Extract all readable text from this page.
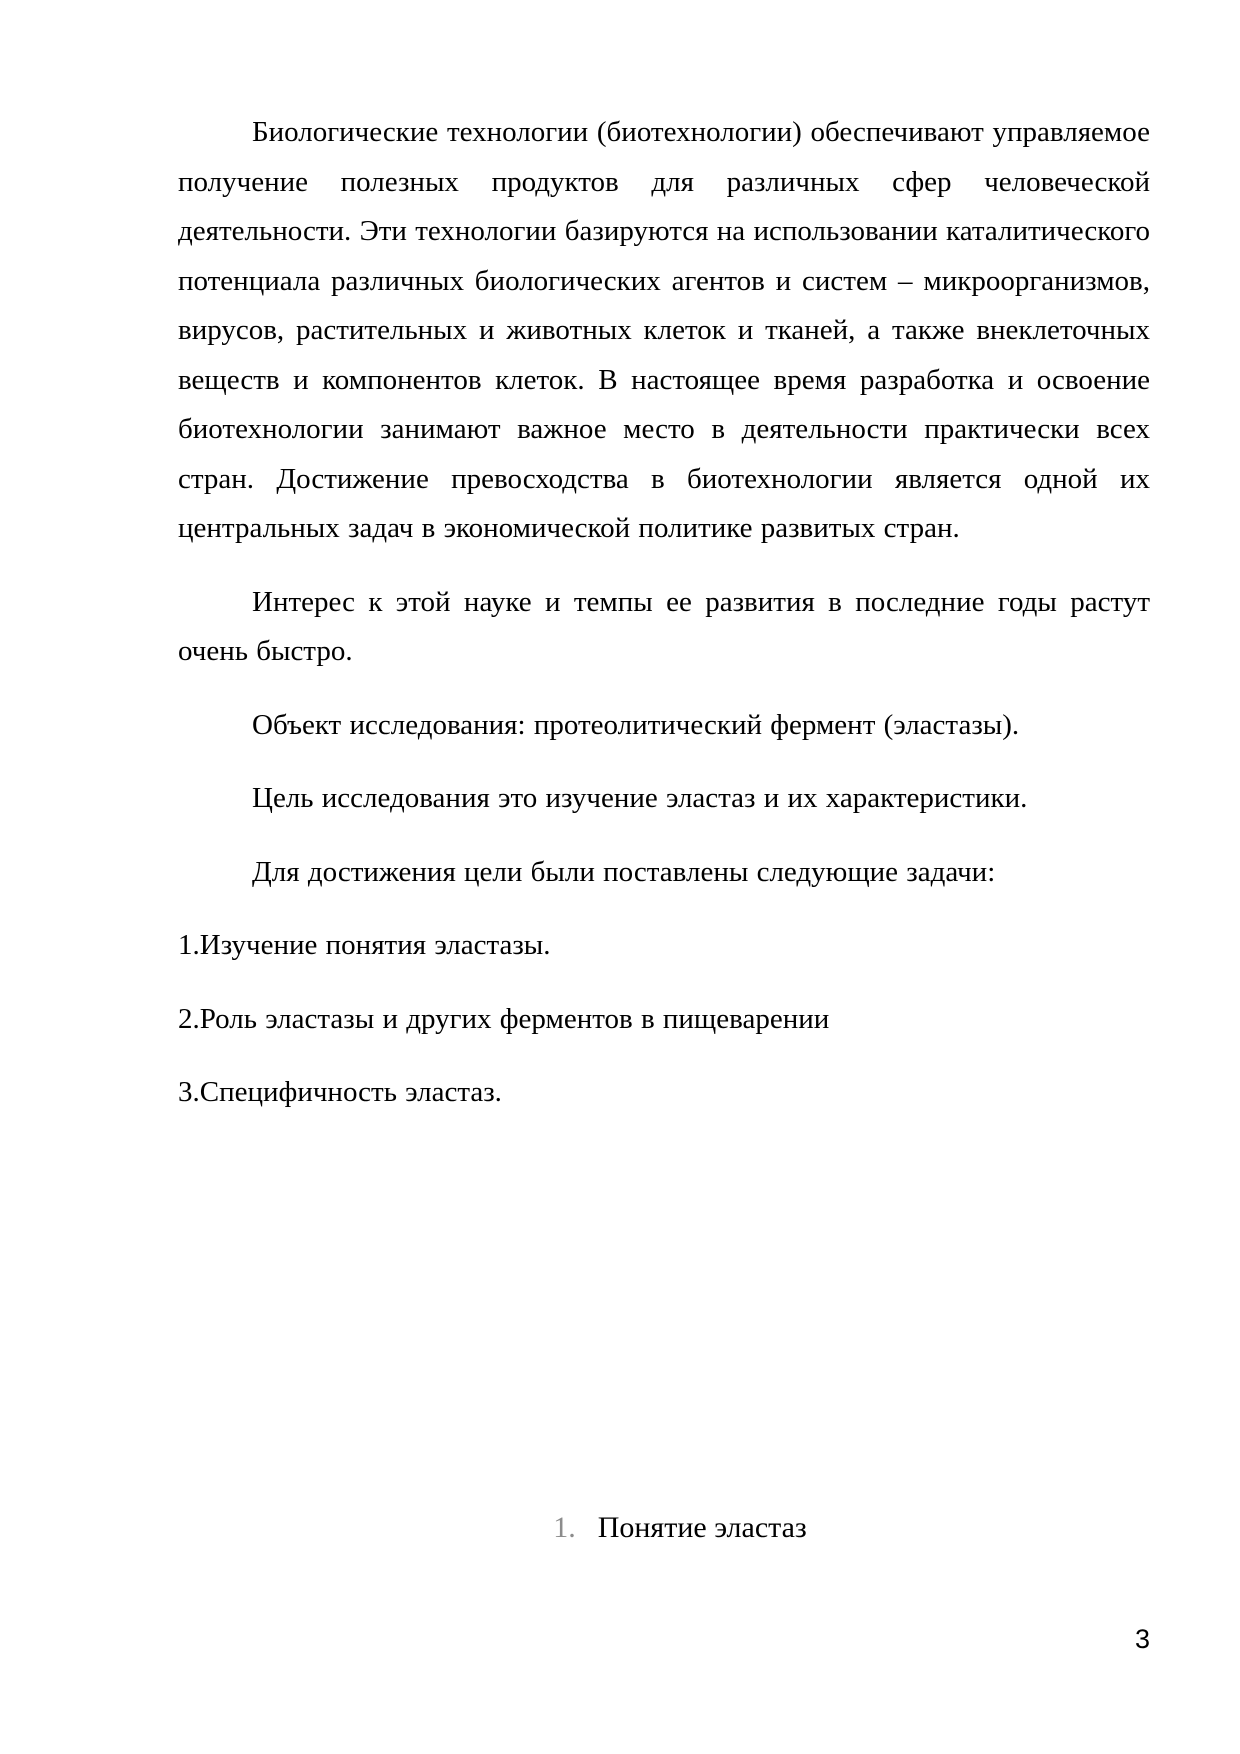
Биологические технологии (биотехнологии) обеспечивают управляемое получение полезных продуктов для различных сфер человеческой деятельности. Эти технологии базируются на использовании каталитического потенциала различных биологических агентов и систем – микроорганизмов, вирусов, растительных и животных клеток и тканей, а также внеклеточных веществ и компонентов клеток. В настоящее время разработка и освоение биотехнологии занимают важное место в деятельности практически всех стран. Достижение превосходства в биотехнологии является одной их центральных задач в экономической политике развитых стран.

Интерес к этой науке и темпы ее развития в последние годы растут очень быстро.

Объект исследования: протеолитический фермент (эластазы).

Цель исследования это изучение эластаз и их характеристики.

Для достижения цели были поставлены следующие задачи:

1.Изучение понятия эластазы.

2.Роль эластазы и других ферментов в пищеварении

3.Специфичность эластаз.

1. Понятие эластаз
3
